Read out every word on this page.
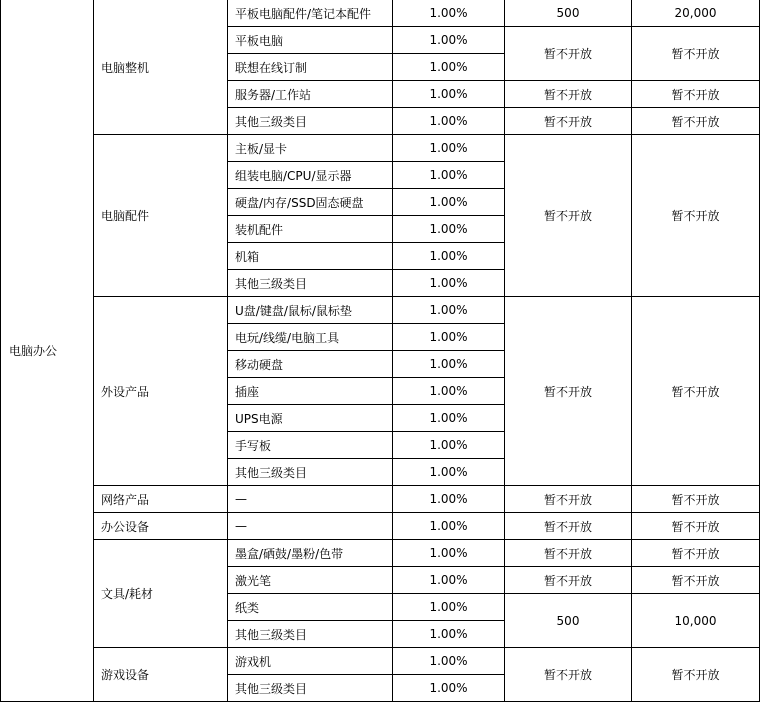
电脑办公	电脑整机	平板电脑配件/笔记本配件	1.00%	500	20,000
		平板电脑	1.00%	暂不开放	暂不开放
		联想在线订制	1.00%		
		服务器/工作站	1.00%	暂不开放	暂不开放
		其他三级类目	1.00%	暂不开放	暂不开放
	电脑配件	主板/显卡	1.00%	暂不开放	暂不开放
		组装电脑/CPU/显示器	1.00%		
		硬盘/内存/SSD固态硬盘	1.00%		
		装机配件	1.00%		
		机箱	1.00%		
		其他三级类目	1.00%		
	外设产品	U盘/键盘/鼠标/鼠标垫	1.00%	暂不开放	暂不开放
		电玩/线缆/电脑工具	1.00%		
		移动硬盘	1.00%		
		插座	1.00%		
		UPS电源	1.00%		
		手写板	1.00%		
		其他三级类目	1.00%		
	网络产品	—	1.00%	暂不开放	暂不开放
	办公设备	—	1.00%	暂不开放	暂不开放
	文具/耗材	墨盒/硒鼓/墨粉/色带	1.00%	暂不开放	暂不开放
		激光笔	1.00%	暂不开放	暂不开放
		纸类	1.00%	500	10,000
		其他三级类目	1.00%		
	游戏设备	游戏机	1.00%	暂不开放	暂不开放
		其他三级类目	1.00%		
